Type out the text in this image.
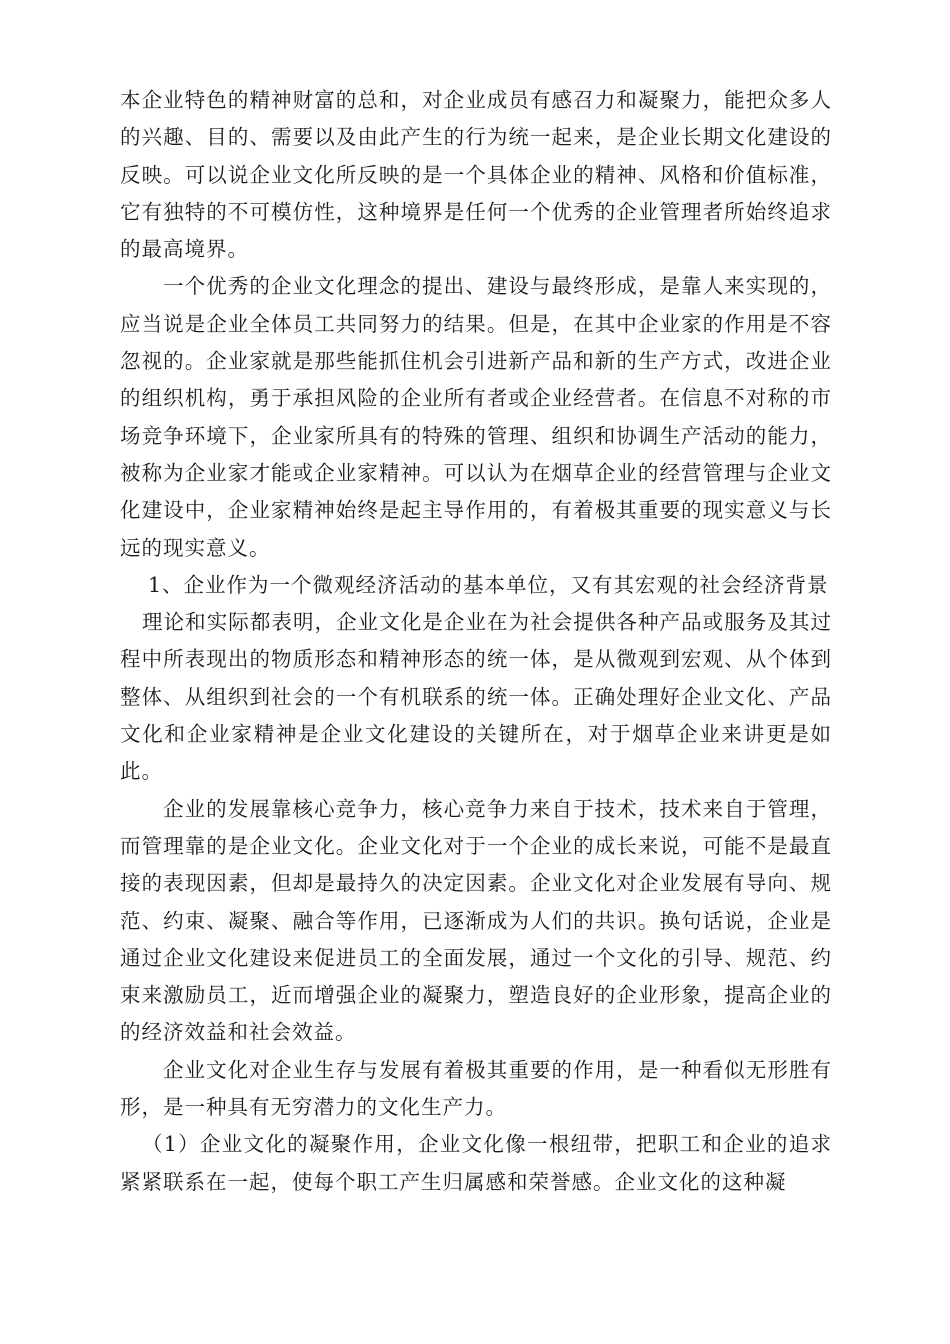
本企业特色的精神财富的总和，对企业成员有感召力和凝聚力，能把众多人的兴趣、目的、需要以及由此产生的行为统一起来，是企业长期文化建设的反映。可以说企业文化所反映的是一个具体企业的精神、风格和价值标准，它有独特的不可模仿性，这种境界是任何一个优秀的企业管理者所始终追求的最高境界。

一个优秀的企业文化理念的提出、建设与最终形成，是靠人来实现的，应当说是企业全体员工共同努力的结果。但是，在其中企业家的作用是不容忽视的。企业家就是那些能抓住机会引进新产品和新的生产方式，改进企业的组织机构，勇于承担风险的企业所有者或企业经营者。在信息不对称的市场竞争环境下，企业家所具有的特殊的管理、组织和协调生产活动的能力，被称为企业家才能或企业家精神。可以认为在烟草企业的经营管理与企业文化建设中，企业家精神始终是起主导作用的，有着极其重要的现实意义与长远的现实意义。

1、企业作为一个微观经济活动的基本单位，又有其宏观的社会经济背景

理论和实际都表明，企业文化是企业在为社会提供各种产品或服务及其过程中所表现出的物质形态和精神形态的统一体，是从微观到宏观、从个体到整体、从组织到社会的一个有机联系的统一体。正确处理好企业文化、产品文化和企业家精神是企业文化建设的关键所在，对于烟草企业来讲更是如此。

企业的发展靠核心竞争力，核心竞争力来自于技术，技术来自于管理，而管理靠的是企业文化。企业文化对于一个企业的成长来说，可能不是最直接的表现因素，但却是最持久的决定因素。企业文化对企业发展有导向、规范、约束、凝聚、融合等作用，已逐渐成为人们的共识。换句话说，企业是通过企业文化建设来促进员工的全面发展，通过一个文化的引导、规范、约束来激励员工，近而增强企业的凝聚力，塑造良好的企业形象，提高企业的的经济效益和社会效益。

企业文化对企业生存与发展有着极其重要的作用，是一种看似无形胜有形，是一种具有无穷潜力的文化生产力。

（1）企业文化的凝聚作用，企业文化像一根纽带，把职工和企业的追求紧紧联系在一起，使每个职工产生归属感和荣誉感。企业文化的这种凝
